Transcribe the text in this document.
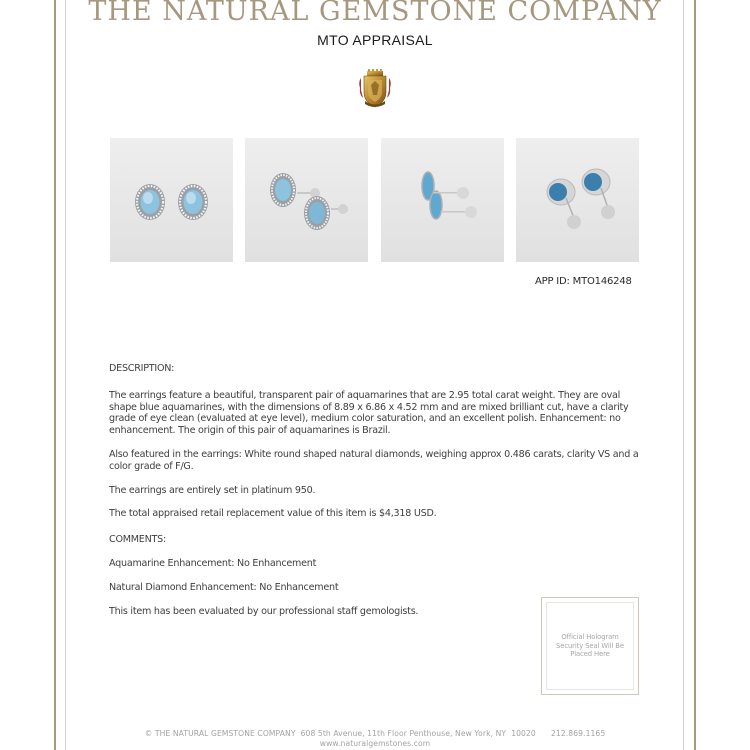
THE NATURAL GEMSTONE COMPANY
MTO APPRAISAL
APP ID: MTO146248
DESCRIPTION:

The earrings feature a beautiful, transparent pair of aquamarines that are 2.95 total carat weight. They are oval shape blue aquamarines, with the dimensions of 8.89 x 6.86 x 4.52 mm and are mixed brilliant cut, have a clarity grade of eye clean (evaluated at eye level), medium color saturation, and an excellent polish. Enhancement: no enhancement. The origin of this pair of aquamarines is Brazil.

Also featured in the earrings: White round shaped natural diamonds, weighing approx 0.486 carats, clarity VS and a color grade of F/G.

The earrings are entirely set in platinum 950.

The total appraised retail replacement value of this item is $4,318 USD.

COMMENTS:
Aquamarine Enhancement: No Enhancement
Natural Diamond Enhancement: No Enhancement
This item has been evaluated by our professional staff gemologists.
Official Hologram Security Seal Will Be Placed Here
© THE NATURAL GEMSTONE COMPANY 608 5th Avenue, 11th Floor Penthouse, New York, NY  10020 212.869.1165
www.naturalgemstones.com
